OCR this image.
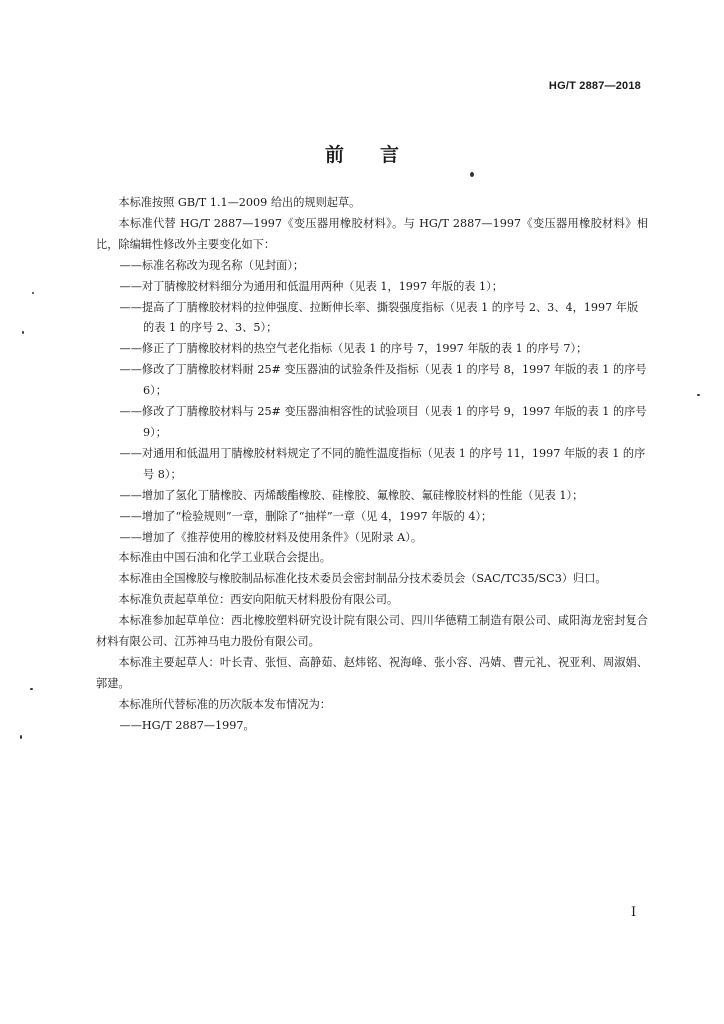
HG/T 2887—2018
前 言
本标准按照 GB/T 1.1—2009 给出的规则起草。
本标准代替 HG/T 2887—1997《变压器用橡胶材料》。与 HG/T 2887—1997《变压器用橡胶材料》相比，除编辑性修改外主要变化如下：
——标准名称改为现名称（见封面）；
——对丁腈橡胶材料细分为通用和低温用两种（见表 1，1997 年版的表 1）；
——提高了丁腈橡胶材料的拉伸强度、拉断伸长率、撕裂强度指标（见表 1 的序号 2、3、4，1997 年版的表 1 的序号 2、3、5）；
——修正了丁腈橡胶材料的热空气老化指标（见表 1 的序号 7，1997 年版的表 1 的序号 7）；
——修改了丁腈橡胶材料耐 25# 变压器油的试验条件及指标（见表 1 的序号 8，1997 年版的表 1 的序号 6）；
——修改了丁腈橡胶材料与 25# 变压器油相容性的试验项目（见表 1 的序号 9，1997 年版的表 1 的序号 9）；
——对通用和低温用丁腈橡胶材料规定了不同的脆性温度指标（见表 1 的序号 11，1997 年版的表 1 的序号 8）；
——增加了氢化丁腈橡胶、丙烯酸酯橡胶、硅橡胶、氟橡胶、氟硅橡胶材料的性能（见表 1）；
——增加了“检验规则”一章，删除了“抽样”一章（见 4，1997 年版的 4）；
——增加了《推荐使用的橡胶材料及使用条件》（见附录 A）。
本标准由中国石油和化学工业联合会提出。
本标准由全国橡胶与橡胶制品标准化技术委员会密封制品分技术委员会（SAC/TC35/SC3）归口。
本标准负责起草单位：西安向阳航天材料股份有限公司。
本标准参加起草单位：西北橡胶塑料研究设计院有限公司、四川华德精工制造有限公司、咸阳海龙密封复合材料有限公司、江苏神马电力股份有限公司。
本标准主要起草人：叶长青、张恒、高静茹、赵炜铭、祝海峰、张小容、冯婧、曹元礼、祝亚利、周淑娟、郭建。
本标准所代替标准的历次版本发布情况为：
——HG/T 2887—1997。
I
